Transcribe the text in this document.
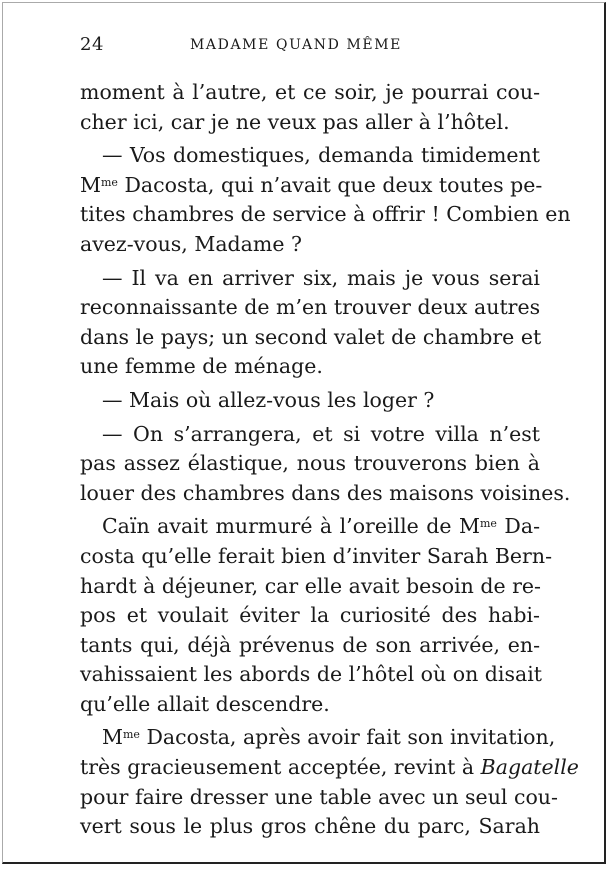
24	MADAME QUAND MÊME
moment à l’autre, et ce soir, je pourrai cou-
cher ici, car je ne veux pas aller à l’hôtel.
— Vos domestiques, demanda timidement
$M^{me}$ Dacosta, qui n’avait que deux toutes pe-
tites chambres de service à offrir ! Combien en
avez-vous, Madame ?
— Il va en arriver six, mais je vous serai
reconnaissante de m’en trouver deux autres
dans le pays; un second valet de chambre et
une femme de ménage.
— Mais où allez-vous les loger ?
— On s’arrangera, et si votre villa n’est
pas assez élastique, nous trouverons bien à
louer des chambres dans des maisons voisines.
Caïn avait murmuré à l’oreille de $M^{me}$ Da-
costa qu’elle ferait bien d’inviter Sarah Bern-
hardt à déjeuner, car elle avait besoin de re-
pos et voulait éviter la curiosité des habi-
tants qui, déjà prévenus de son arrivée, en-
vahissaient les abords de l’hôtel où on disait
qu’elle allait descendre.
$M^{me}$ Dacosta, après avoir fait son invitation,
très gracieusement acceptée, revint à Bagatelle
pour faire dresser une table avec un seul cou-
vert sous le plus gros chêne du parc, Sarah
